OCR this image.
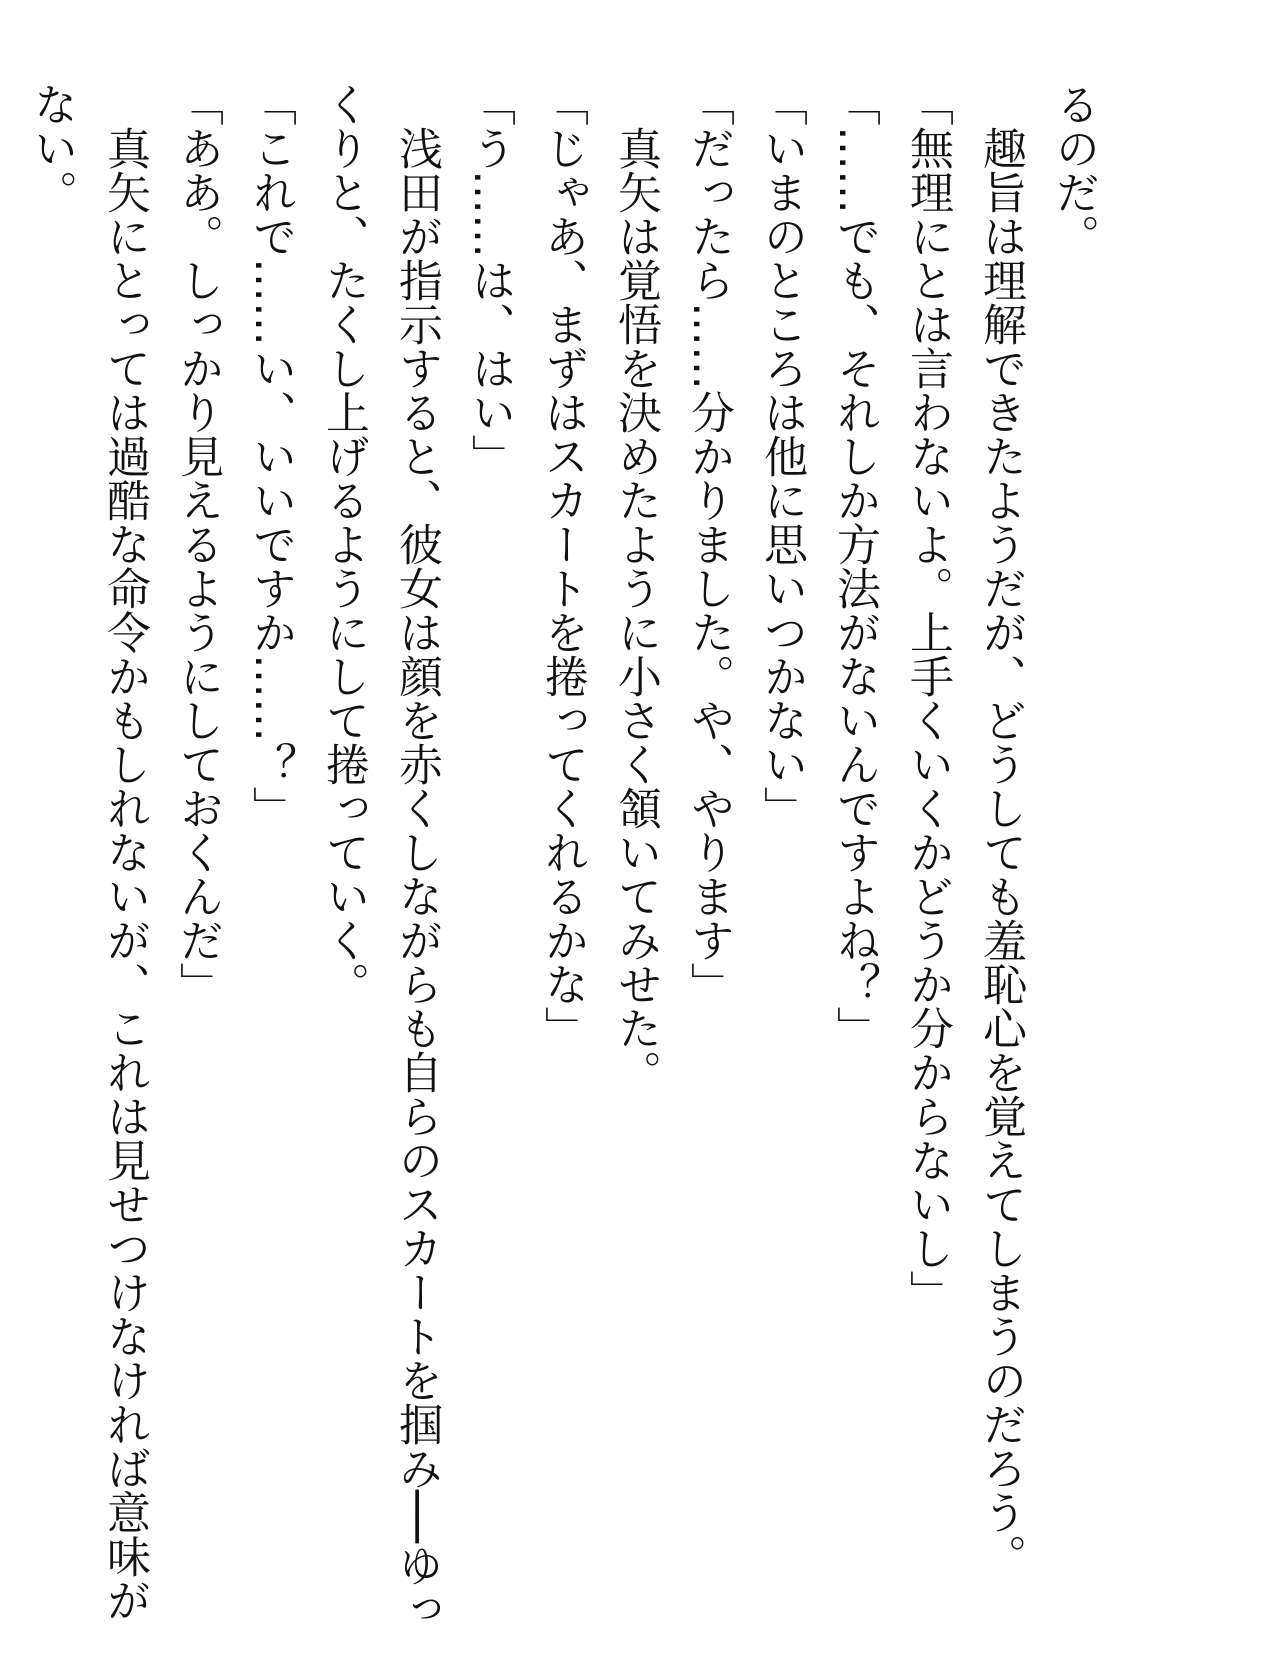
るのだ。

　趣旨は理解できたようだが、どうしても羞恥心を覚えてしまうのだろう。

「無理にとは言わないよ。上手くいくかどうか分からないし」

「……でも、それしか方法がないんですよね？」

「いまのところは他に思いつかない」

「だったら……分かりました。や、やります」

　真矢は覚悟を決めたように小さく頷いてみせた。

「じゃあ、まずはスカートを捲ってくれるかな」

「う……は、はい」

　浅田が指示すると、彼女は顔を赤くしながらも自らのスカートを掴み──ゆっ

くりと、たくし上げるようにして捲っていく。

「これで……い、いいですか……？」

「ああ。しっかり見えるようにしておくんだ」

　真矢にとっては過酷な命令かもしれないが、これは見せつけなければ意味が

ない。
